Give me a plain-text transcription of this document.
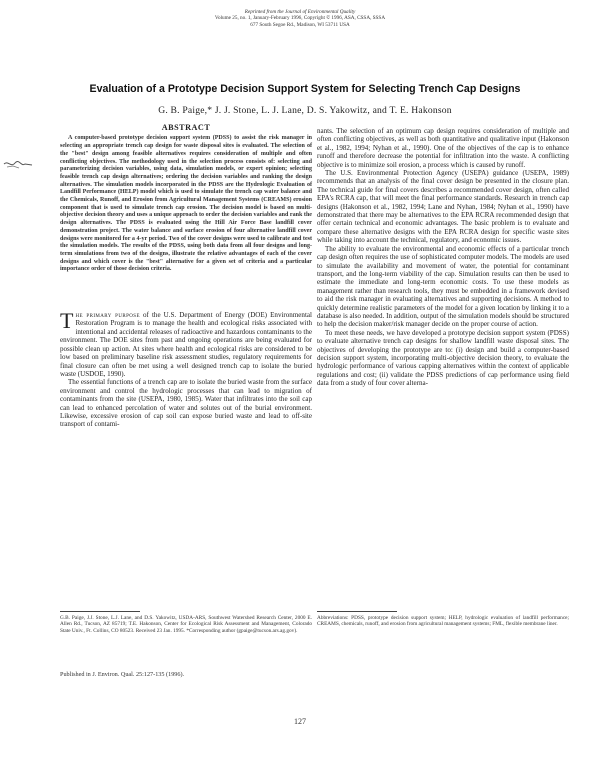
Reprinted from the Journal of Environmental Quality
Volume 25, no. 1, January-February 1996, Copyright © 1996, ASA, CSSA, SSSA
677 South Segoe Rd., Madison, WI 53711 USA
Evaluation of a Prototype Decision Support System for Selecting Trench Cap Designs
G. B. Paige,* J. J. Stone, L. J. Lane, D. S. Yakowitz, and T. E. Hakonson
ABSTRACT

A computer-based prototype decision support system (PDSS) to assist the risk manager in selecting an appropriate trench cap design for waste disposal sites is evaluated. The selection of the "best" design among feasible alternatives requires consideration of multiple and often conflicting objectives. The methodology used in the selection process consists of: selecting and parameterizing decision variables, using data, simulation models, or expert opinion; selecting feasible trench cap design alternatives; ordering the decision variables and ranking the design alternatives. The simulation models incorporated in the PDSS are the Hydrologic Evaluation of Landfill Performance (HELP) model which is used to simulate the trench cap water balance and the Chemicals, Runoff, and Erosion from Agricultural Management Systems (CREAMS) erosion component that is used to simulate trench cap erosion. The decision model is based on multi-objective decision theory and uses a unique approach to order the decision variables and rank the design alternatives. The PDSS is evaluated using the Hill Air Force Base landfill cover demonstration project. The water balance and surface erosion of four alternative landfill cover designs were monitored for a 4-yr period. Two of the cover designs were used to calibrate and test the simulation models. The results of the PDSS, using both data from all four designs and long-term simulations from two of the designs, illustrate the relative advantages of each of the cover designs and which cover is the "best" alternative for a given set of criteria and a particular importance order of those decision criteria.

The primary purpose of the U.S. Department of Energy (DOE) Environmental Restoration Program is to manage the health and ecological risks associated with intentional and accidental releases of radioactive and hazardous contaminants to the environment. The DOE sites from past and ongoing operations are being evaluated for possible clean up action. At sites where health and ecological risks are considered to be low based on preliminary baseline risk assessment studies, regulatory requirements for final closure can often be met using a well designed trench cap to isolate the buried waste (USDOE, 1990).

The essential functions of a trench cap are to isolate the buried waste from the surface environment and control the hydrologic processes that can lead to migration of contaminants from the site (USEPA, 1980, 1985). Water that infiltrates into the soil cap can lead to enhanced percolation of water and solutes out of the burial environment. Likewise, excessive erosion of cap soil can expose buried waste and lead to off-site transport of contami-

nants. The selection of an optimum cap design requires consideration of multiple and often conflicting objectives, as well as both quantitative and qualitative input (Hakonson et al., 1982, 1994; Nyhan et al., 1990). One of the objectives of the cap is to enhance runoff and therefore decrease the potential for infiltration into the waste. A conflicting objective is to minimize soil erosion, a process which is caused by runoff.

The U.S. Environmental Protection Agency (USEPA) guidance (USEPA, 1989) recommends that an analysis of the final cover design be presented in the closure plan. The technical guide for final covers describes a recommended cover design, often called EPA's RCRA cap, that will meet the final performance standards. Research in trench cap designs (Hakonson et al., 1982, 1994; Lane and Nyhan, 1984; Nyhan et al., 1990) have demonstrated that there may be alternatives to the EPA RCRA recommended design that offer certain technical and economic advantages. The basic problem is to evaluate and compare these alternative designs with the EPA RCRA design for specific waste sites while taking into account the technical, regulatory, and economic issues.

The ability to evaluate the environmental and economic effects of a particular trench cap design often requires the use of sophisticated computer models. The models are used to simulate the availability and movement of water, the potential for contaminant transport, and the long-term viability of the cap. Simulation results can then be used to estimate the immediate and long-term economic costs. To use these models as management rather than research tools, they must be embedded in a framework devised to aid the risk manager in evaluating alternatives and supporting decisions. A method to quickly determine realistic parameters of the model for a given location by linking it to a database is also needed. In addition, output of the simulation models should be structured to help the decision maker/risk manager decide on the proper course of action.

To meet these needs, we have developed a prototype decision support system (PDSS) to evaluate alternative trench cap designs for shallow landfill waste disposal sites. The objectives of developing the prototype are to: (i) design and build a computer-based decision support system, incorporating multi-objective decision theory, to evaluate the hydrologic performance of various capping alternatives within the context of applicable regulations and cost; (ii) validate the PDSS predictions of cap performance using field data from a study of four cover alterna-

G.B. Paige, J.J. Stone, L.J. Lane, and D.S. Yakowitz, USDA-ARS, Southwest Watershed Research Center, 2000 E. Allen Rd., Tucson, AZ 85719; T.E. Hakonson, Center for Ecological Risk Assessment and Management, Colorado State Univ., Ft. Collins, CO 80523. Received 23 Jan. 1995. *Corresponding author (gpaige@tucson.ars.ag.gov).
Published in J. Environ. Qual. 25:127-135 (1996).
Abbreviations: PDSS, prototype decision support system; HELP, hydrologic evaluation of landfill performance; CREAMS, chemicals, runoff, and erosion from agricultural management systems; FML, flexible membrane liner.
127
